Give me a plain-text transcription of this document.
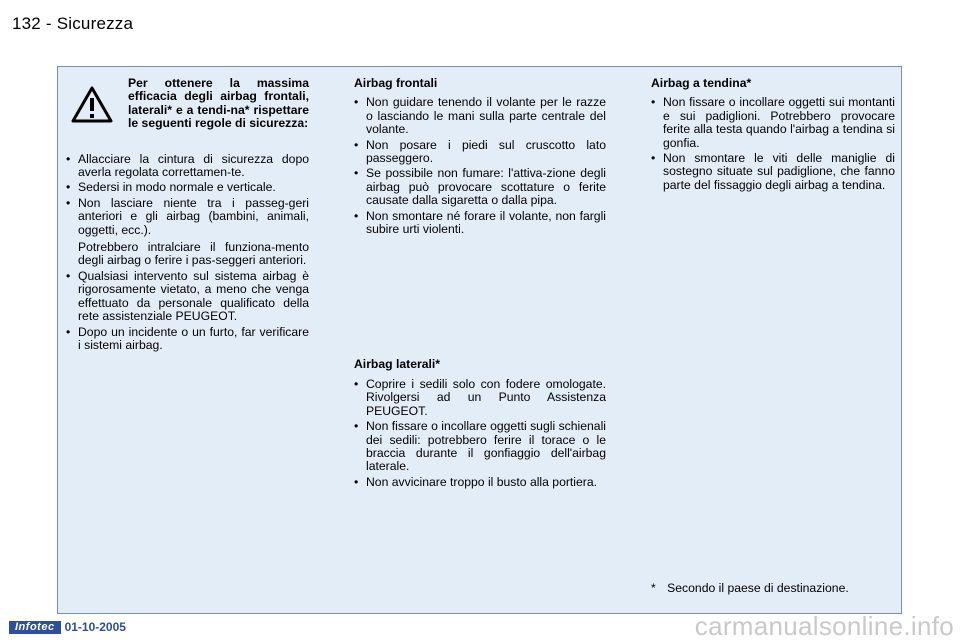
132 - Sicurezza
Per ottenere la massima efficacia degli airbag frontali, laterali* e a tendi-na* rispettare le seguenti regole di sicurezza:
• Allacciare la cintura di sicurezza dopo averla regolata correttamen-te.
• Sedersi in modo normale e verticale.
• Non lasciare niente tra i passeg-geri anteriori e gli airbag (bambini, animali, oggetti, ecc.).
Potrebbero intralciare il funziona-mento degli airbag o ferire i pas-seggeri anteriori.
• Qualsiasi intervento sul sistema airbag è rigorosamente vietato, a meno che venga effettuato da personale qualificato della rete assistenziale PEUGEOT.
• Dopo un incidente o un furto, far verificare i sistemi airbag.
Airbag frontali
• Non guidare tenendo il volante per le razze o lasciando le mani sulla parte centrale del volante.
• Non posare i piedi sul cruscotto lato passeggero.
• Se possibile non fumare: l'attiva-zione degli airbag può provocare scottature o ferite causate dalla sigaretta o dalla pipa.
• Non smontare né forare il volante, non fargli subire urti violenti.
Airbag laterali*
• Coprire i sedili solo con fodere omologate. Rivolgersi ad un Punto Assistenza PEUGEOT.
• Non fissare o incollare oggetti sugli schienali dei sedili: potrebbero ferire il torace o le braccia durante il gonfiaggio dell'airbag laterale.
• Non avvicinare troppo il busto alla portiera.
Airbag a tendina*
• Non fissare o incollare oggetti sui montanti e sui padiglioni. Potrebbero provocare ferite alla testa quando l'airbag a tendina si gonfia.
• Non smontare le viti delle maniglie di sostegno situate sul padiglione, che fanno parte del fissaggio degli airbag a tendina.
* Secondo il paese di destinazione.
Infotec 01-10-2005	carmanualsonline.info
